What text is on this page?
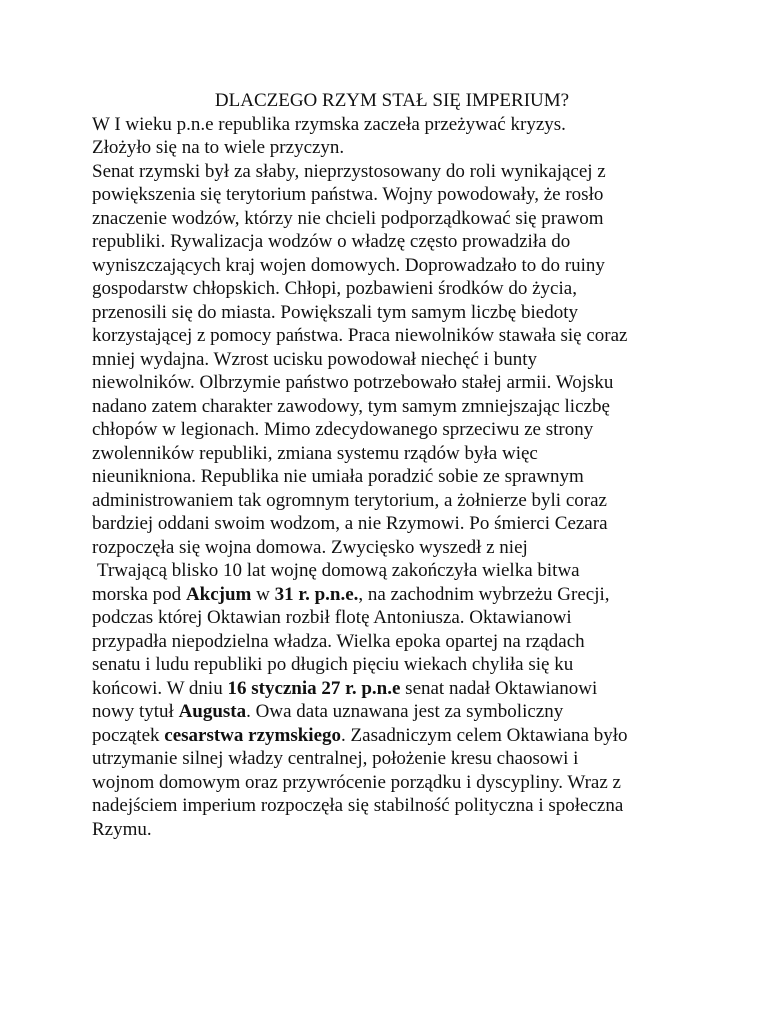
DLACZEGO RZYM STAŁ SIĘ IMPERIUM?
W I wieku p.n.e republika rzymska zaczeła przeżywać kryzys.
Złożyło się na to wiele przyczyn.
Senat rzymski był za słaby, nieprzystosowany do roli wynikającej z
powiększenia się terytorium państwa. Wojny powodowały, że rosło
znaczenie wodzów, którzy nie chcieli podporządkować się prawom
republiki. Rywalizacja wodzów o władzę często prowadziła do
wyniszczających kraj wojen domowych. Doprowadzało to do ruiny
gospodarstw chłopskich. Chłopi, pozbawieni środków do życia,
przenosili się do miasta. Powiększali tym samym liczbę biedoty
korzystającej z pomocy państwa. Praca niewolników stawała się coraz
mniej wydajna. Wzrost ucisku powodował niechęć i bunty
niewolników. Olbrzymie państwo potrzebowało stałej armii. Wojsku
nadano zatem charakter zawodowy, tym samym zmniejszając liczbę
chłopów w legionach. Mimo zdecydowanego sprzeciwu ze strony
zwolenników republiki, zmiana systemu rządów była więc
nieunikniona. Republika nie umiała poradzić sobie ze sprawnym
administrowaniem tak ogromnym terytorium, a żołnierze byli coraz
bardziej oddani swoim wodzom, a nie Rzymowi. Po śmierci Cezara
rozpoczęła się wojna domowa. Zwycięsko wyszedł z niej
Trwającą blisko 10 lat wojnę domową zakończyła wielka bitwa
morska pod Akcjum w 31 r. p.n.e., na zachodnim wybrzeżu Grecji,
podczas której Oktawian rozbił flotę Antoniusza. Oktawianowi
przypadła niepodzielna władza. Wielka epoka opartej na rządach
senatu i ludu republiki po długich pięciu wiekach chyliła się ku
końcowi. W dniu 16 stycznia 27 r. p.n.e senat nadał Oktawianowi
nowy tytuł Augusta. Owa data uznawana jest za symboliczny
początek cesarstwa rzymskiego. Zasadniczym celem Oktawiana było
utrzymanie silnej władzy centralnej, położenie kresu chaosowi i
wojnom domowym oraz przywrócenie porządku i dyscypliny. Wraz z
nadejściem imperium rozpoczęła się stabilność polityczna i społeczna
Rzymu.
